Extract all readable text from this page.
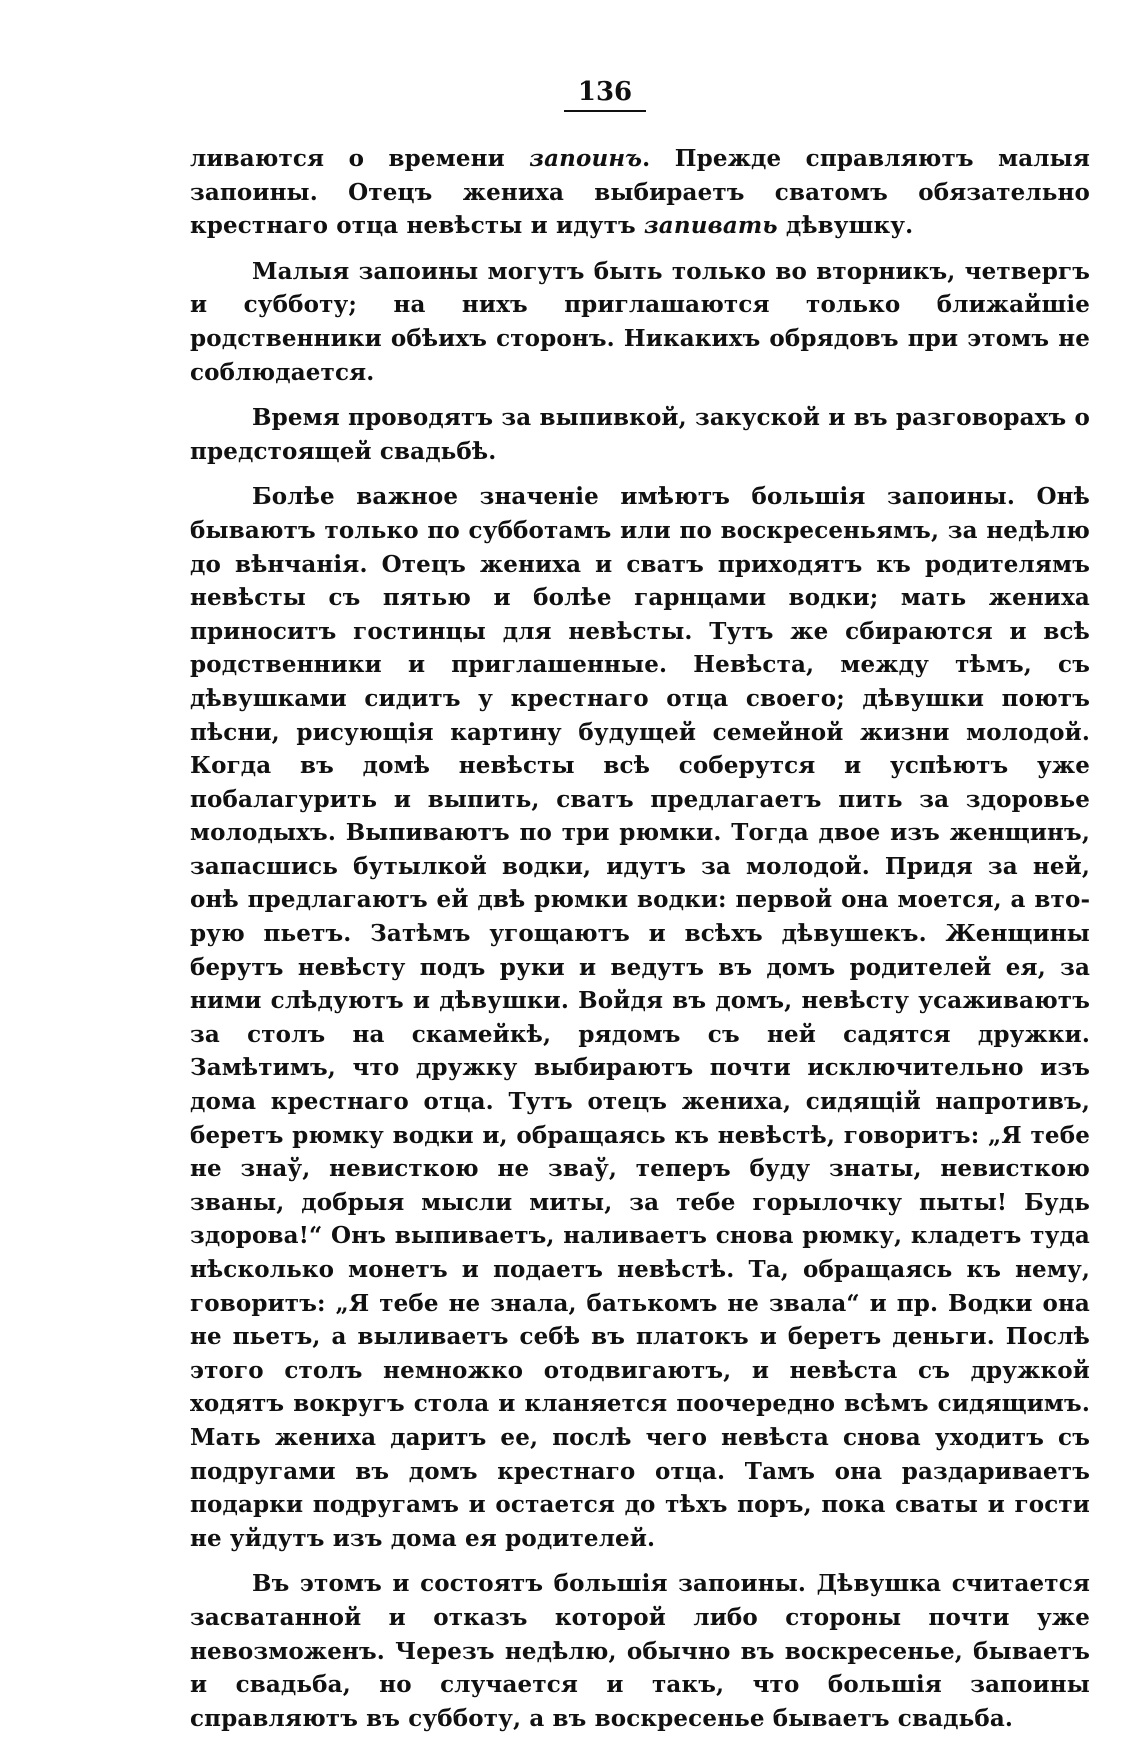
136

ливаются о времени запоинъ. Прежде справляютъ малыя запоины. Отецъ жениха выбираетъ сватомъ обязательно крестнаго отца невѣсты и идутъ запивать дѣвушку.

Малыя запоины могутъ быть только во вторникъ, четвергъ и субботу; на нихъ приглашаются только ближайшіе родственники обѣихъ сторонъ. Никакихъ обрядовъ при этомъ не соблюдается.

Время проводятъ за выпивкой, закуской и въ разговорахъ о предстоящей свадьбѣ.

Болѣе важное значеніе имѣютъ большія запоины. Онѣ бываютъ только по субботамъ или по воскресеньямъ, за недѣлю до вѣнчанія. Отецъ жениха и сватъ приходятъ къ родителямъ невѣсты съ пятью и болѣе гарнцами водки; мать жениха приноситъ гостинцы для невѣсты. Тутъ же сбираются и всѣ родственники и приглашенные. Невѣста, между тѣмъ, съ дѣвушками сидитъ у крестнаго отца своего; дѣвушки поютъ пѣсни, рисующія картину будущей семейной жизни молодой. Когда въ домѣ невѣсты всѣ соберутся и успѣютъ уже побалагурить и выпить, сватъ предлагаетъ пить за здоровье молодыхъ. Выпиваютъ по три рюмки. Тогда двое изъ женщинъ, запасшись бутылкой водки, идутъ за молодой. Придя за ней, онѣ предлагаютъ ей двѣ рюмки водки: первой она моется, а вторую пьетъ. Затѣмъ угощаютъ и всѣхъ дѣвушекъ. Женщины берутъ невѣсту подъ руки и ведутъ въ домъ родителей ея, за ними слѣдуютъ и дѣвушки. Войдя въ домъ, невѣсту усаживаютъ за столъ на скамейкѣ, рядомъ съ ней садятся дружки. Замѣтимъ, что дружку выбираютъ почти исключительно изъ дома крестнаго отца. Тутъ отецъ жениха, сидящій напротивъ, беретъ рюмку водки и, обращаясь къ невѣстѣ, говоритъ: „Я тебе не знаў, невисткою не зваў, теперъ буду знаты, невисткою званы, добрыя мысли миты, за тебе горылочку пыты! Будь здорова!“ Онъ выпиваетъ, наливаетъ снова рюмку, кладетъ туда нѣсколько монетъ и подаетъ невѣстѣ. Та, обращаясь къ нему, говоритъ: „Я тебе не знала, батькомъ не звала“ и пр. Водки она не пьетъ, а выливаетъ себѣ въ платокъ и беретъ деньги. Послѣ этого столъ немножко отодвигаютъ, и невѣста съ дружкой ходятъ вокругъ стола и кланяется поочередно всѣмъ сидящимъ. Мать жениха даритъ ее, послѣ чего невѣста снова уходитъ съ подругами въ домъ крестнаго отца. Тамъ она раздариваетъ подарки подругамъ и остается до тѣхъ поръ, пока сваты и гости не уйдутъ изъ дома ея родителей.

Въ этомъ и состоятъ большія запоины. Дѣвушка считается засватанной и отказъ которой либо стороны почти уже невозможенъ. Черезъ недѣлю, обычно въ воскресенье, бываетъ и свадьба, но случается и такъ, что большія запоины справляютъ въ субботу, а въ воскресенье бываетъ свадьба.
